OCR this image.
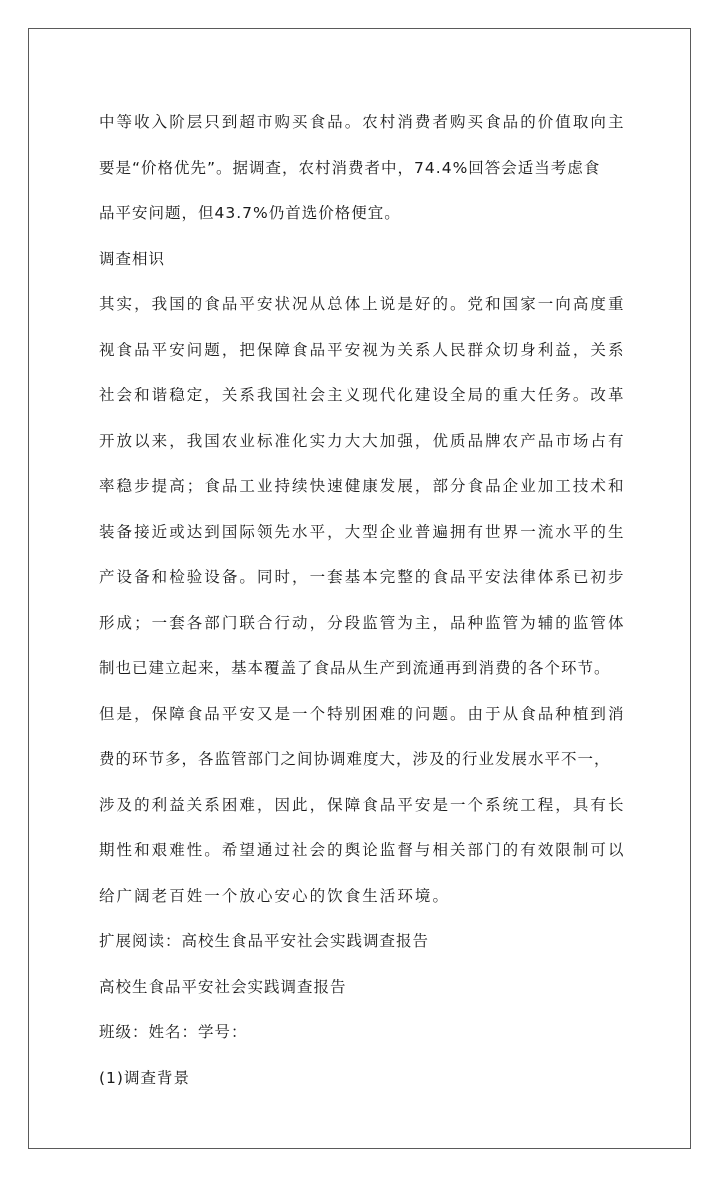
中等收入阶层只到超市购买食品。农村消费者购买食品的价值取向主
要是“价格优先”。据调查，农村消费者中，74.4%回答会适当考虑食
品平安问题，但43.7%仍首选价格便宜。
调查相识
其实，我国的食品平安状况从总体上说是好的。党和国家一向高度重
视食品平安问题，把保障食品平安视为关系人民群众切身利益，关系
社会和谐稳定，关系我国社会主义现代化建设全局的重大任务。改革
开放以来，我国农业标准化实力大大加强，优质品牌农产品市场占有
率稳步提高；食品工业持续快速健康发展，部分食品企业加工技术和
装备接近或达到国际领先水平，大型企业普遍拥有世界一流水平的生
产设备和检验设备。同时，一套基本完整的食品平安法律体系已初步
形成；一套各部门联合行动，分段监管为主，品种监管为辅的监管体
制也已建立起来，基本覆盖了食品从生产到流通再到消费的各个环节。
但是，保障食品平安又是一个特别困难的问题。由于从食品种植到消
费的环节多，各监管部门之间协调难度大，涉及的行业发展水平不一，
涉及的利益关系困难，因此，保障食品平安是一个系统工程，具有长
期性和艰难性。希望通过社会的舆论监督与相关部门的有效限制可以
给广阔老百姓一个放心安心的饮食生活环境。
扩展阅读：高校生食品平安社会实践调查报告
高校生食品平安社会实践调查报告
班级：姓名：学号：
(1)调查背景
